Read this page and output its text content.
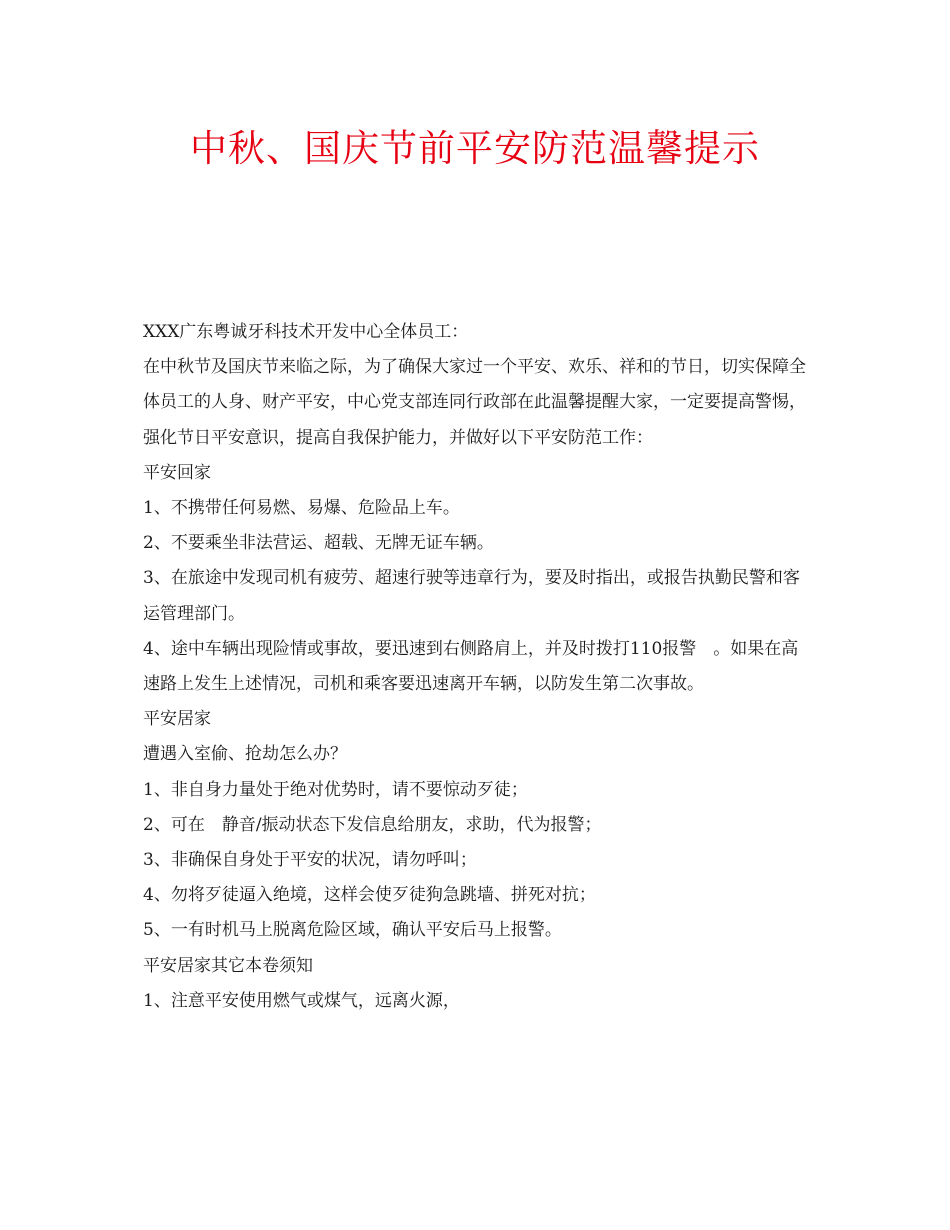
中秋、国庆节前平安防范温馨提示

XXX广东粤诚牙科技术开发中心全体员工：

在中秋节及国庆节来临之际，为了确保大家过一个平安、欢乐、祥和的节日，切实保障全体员工的人身、财产平安，中心党支部连同行政部在此温馨提醒大家，一定要提高警惕，强化节日平安意识，提高自我保护能力，并做好以下平安防范工作：

平安回家

1、不携带任何易燃、易爆、危险品上车。

2、不要乘坐非法营运、超载、无牌无证车辆。

3、在旅途中发现司机有疲劳、超速行驶等违章行为，要及时指出，或报告执勤民警和客运管理部门。

4、途中车辆出现险情或事故，要迅速到右侧路肩上，并及时拨打110报警　。如果在高速路上发生上述情况，司机和乘客要迅速离开车辆，以防发生第二次事故。

平安居家

遭遇入室偷、抢劫怎么办？

1、非自身力量处于绝对优势时，请不要惊动歹徒；

2、可在　静音/振动状态下发信息给朋友，求助，代为报警；

3、非确保自身处于平安的状况，请勿呼叫；

4、勿将歹徒逼入绝境，这样会使歹徒狗急跳墙、拼死对抗；

5、一有时机马上脱离危险区域，确认平安后马上报警。

平安居家其它本卷须知

1、注意平安使用燃气或煤气，远离火源，
